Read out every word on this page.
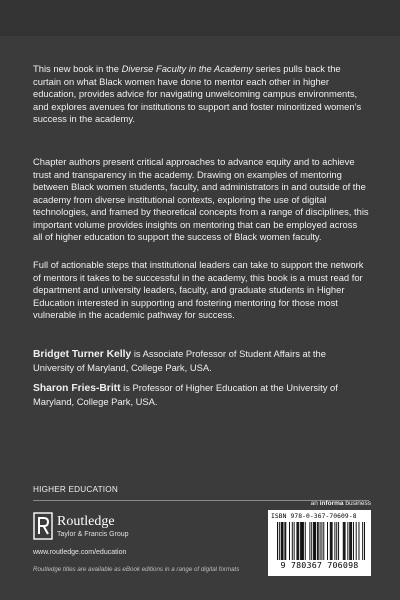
This new book in the Diverse Faculty in the Academy series pulls back the curtain on what Black women have done to mentor each other in higher education, provides advice for navigating unwelcoming campus environments, and explores avenues for institutions to support and foster minoritized women’s success in the academy.
Chapter authors present critical approaches to advance equity and to achieve trust and transparency in the academy. Drawing on examples of mentoring between Black women students, faculty, and administrators in and outside of the academy from diverse institutional contexts, exploring the use of digital technologies, and framed by theoretical concepts from a range of disciplines, this important volume provides insights on mentoring that can be employed across all of higher education to support the success of Black women faculty.
Full of actionable steps that institutional leaders can take to support the network of mentors it takes to be successful in the academy, this book is a must read for department and university leaders, faculty, and graduate students in Higher Education interested in supporting and fostering mentoring for those most vulnerable in the academic pathway for success.
Bridget Turner Kelly is Associate Professor of Student Affairs at the University of Maryland, College Park, USA.
Sharon Fries-Britt is Professor of Higher Education at the University of Maryland, College Park, USA.
HIGHER EDUCATION
Routledge
Taylor & Francis Group
www.routledge.com/education
Routledge titles are available as eBook editions in a range of digital formats
an informa business
ISBN 978-0-367-70609-8
9 780367 706098
